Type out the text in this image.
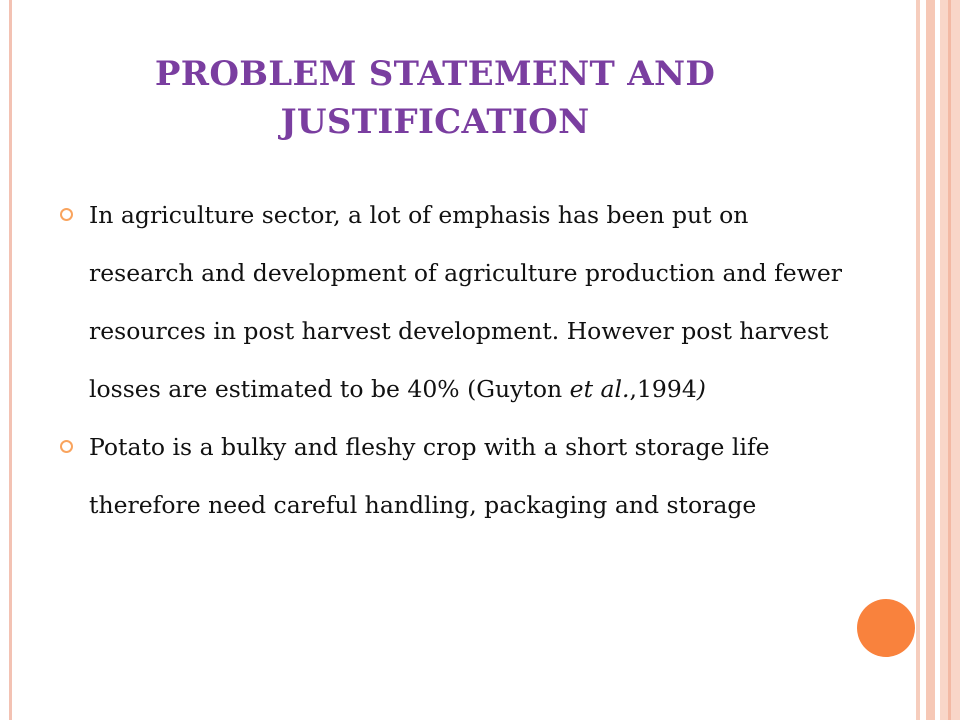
PROBLEM STATEMENT AND JUSTIFICATION
In agriculture sector, a lot of emphasis has been put on research and development of agriculture production and fewer resources in post harvest development. However post harvest losses are estimated to be 40% (Guyton et al.,1994)
Potato is a bulky and fleshy crop with a short storage life therefore need careful handling, packaging and storage
